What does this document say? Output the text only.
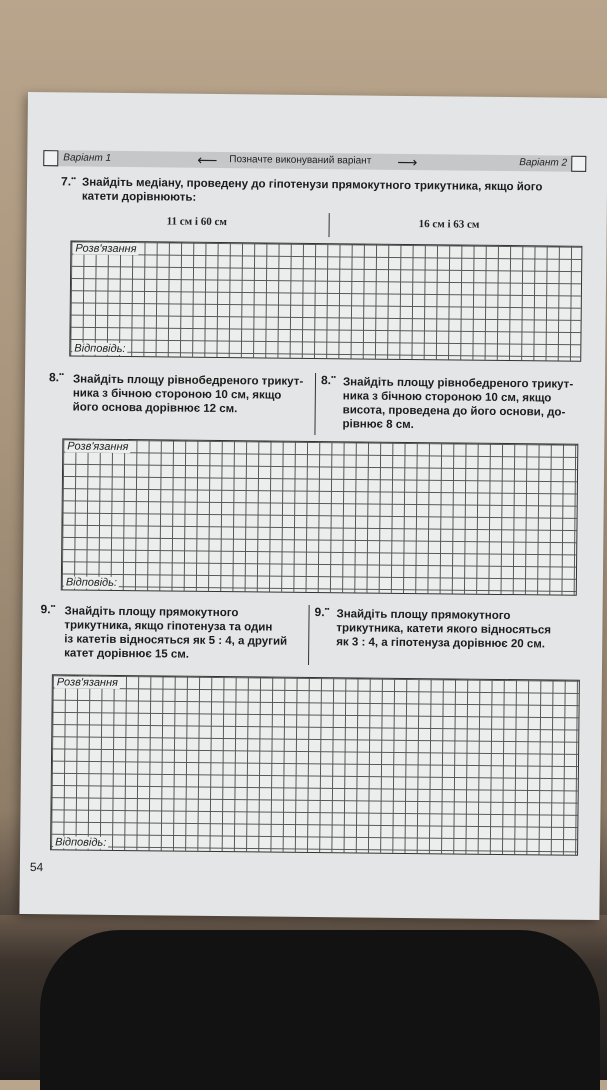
Варіант 1	⟵ Позначте виконуваний варіант ⟶	Варіант 2
7.•• Знайдіть медіану, проведену до гіпотенузи прямокутного трикутника, якщо його
катети дорівнюють:
11 см і 60 см	16 см і 63 см
Розв'язання
Відповідь:
8.•• Знайдіть площу рівнобедреного трикут-
ника з бічною стороною 10 см, якщо
його основа дорівнює 12 см.
8.•• Знайдіть площу рівнобедреного трикут-
ника з бічною стороною 10 см, якщо
висота, проведена до його основи, до-
рівнює 8 см.
Розв'язання
Відповідь:
9.•• Знайдіть площу прямокутного
трикутника, якщо гіпотенуза та один
із катетів відносяться як 5 : 4, а другий
катет дорівнює 15 см.
9.•• Знайдіть площу прямокутного
трикутника, катети якого відносяться
як 3 : 4, а гіпотенуза дорівнює 20 см.
Розв'язання
Відповідь:
54
